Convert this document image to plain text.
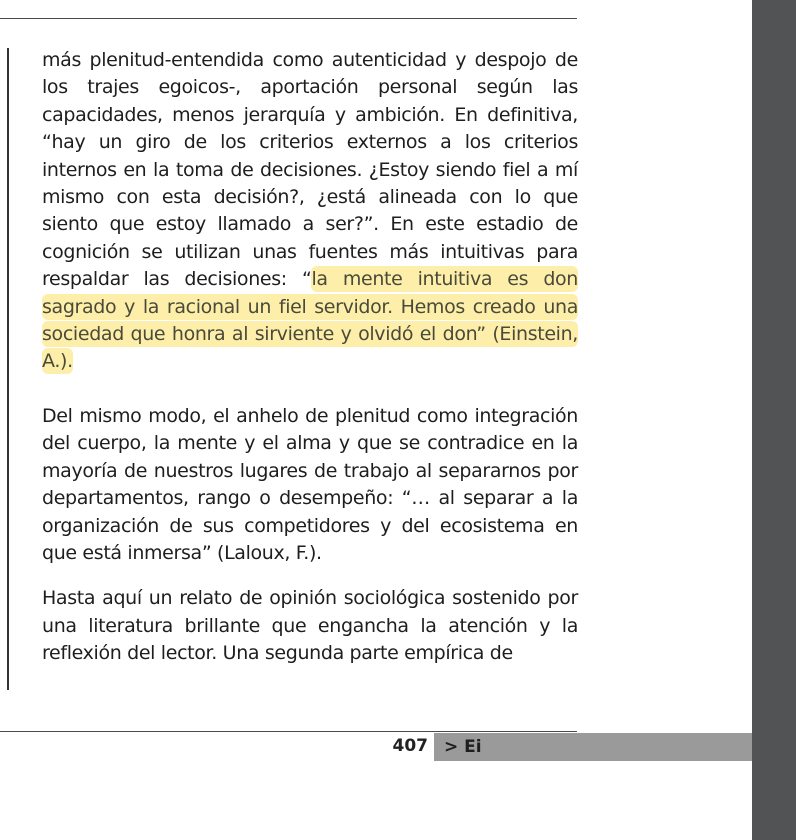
más plenitud-entendida como autenticidad y despojo de los trajes egoicos-, aportación personal según las capacidades, menos jerarquía y ambición. En definitiva, “hay un giro de los criterios externos a los criterios internos en la toma de decisiones. ¿Estoy siendo fiel a mí mismo con esta decisión?, ¿está alineada con lo que siento que estoy llamado a ser?”. En este estadio de cognición se utilizan unas fuentes más intuitivas para respaldar las decisiones: “la mente intuitiva es don sagrado y la racional un fiel servidor. Hemos creado una sociedad que honra al sirviente y olvidó el don” (Einstein, A.).

Del mismo modo, el anhelo de plenitud como integración del cuerpo, la mente y el alma y que se contradice en la mayoría de nuestros lugares de trabajo al separarnos por departamentos, rango o desempeño: “… al separar a la organización de sus competidores y del ecosistema en que está inmersa” (Laloux, F.).

Hasta aquí un relato de opinión sociológica sostenido por una literatura brillante que engancha la atención y la reflexión del lector. Una segunda parte empírica de

407 > Ei
